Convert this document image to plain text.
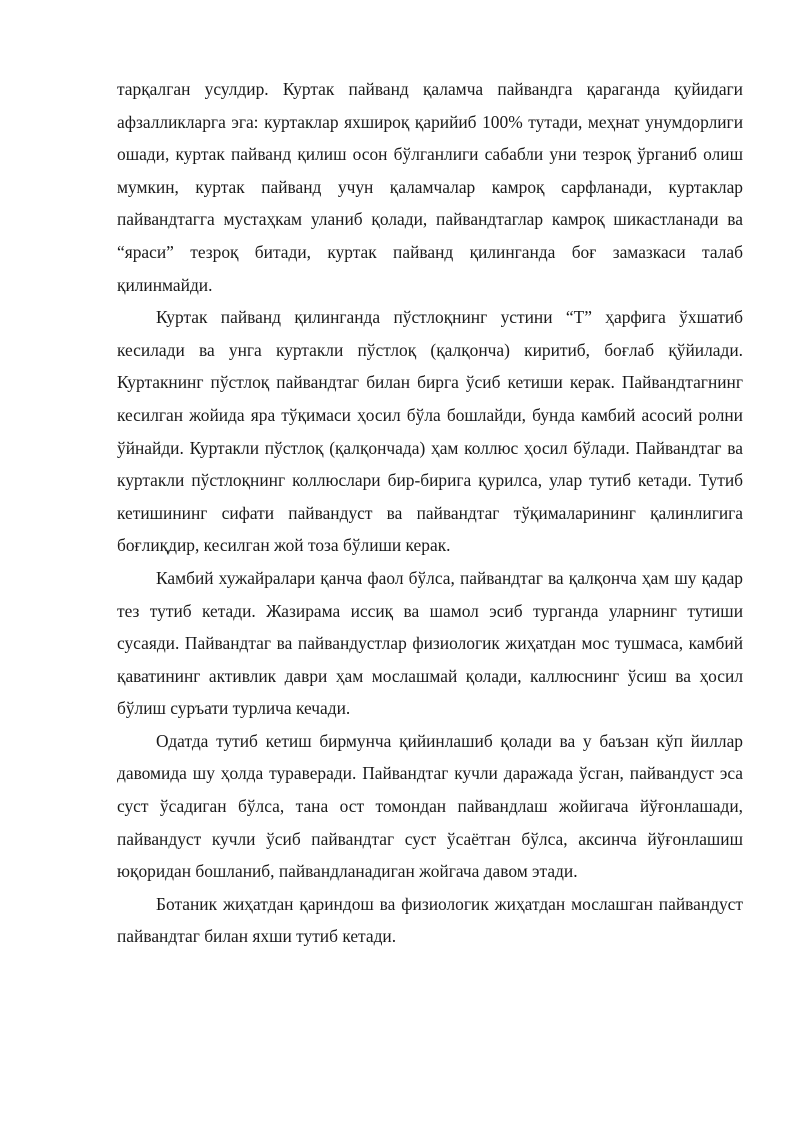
тарқалган усулдир. Куртак пайванд қаламча пайвандга қараганда қуйидаги афзалликларга эга: куртаклар яхшироқ қарийиб 100% тутади, меҳнат унумдорлиги ошади, куртак пайванд қилиш осон бўлганлиги сабабли уни тезроқ ўрганиб олиш мумкин, куртак пайванд учун қаламчалар камроқ сарфланади, куртаклар пайвандтагга мустаҳкам уланиб қолади, пайвандтаглар камроқ шикастланади ва “яраси” тезроқ битади, куртак пайванд қилинганда боғ замазкаси талаб қилинмайди.

Куртак пайванд қилинганда пўстлоқнинг устини “Т” ҳарфига ўхшатиб кесилади ва унга куртакли пўстлоқ (қалқонча) киритиб, боғлаб қўйилади. Куртакнинг пўстлоқ пайвандтаг билан бирга ўсиб кетиши керак. Пайвандтагнинг кесилган жойида яра тўқимаси ҳосил бўла бошлайди, бунда камбий асосий ролни ўйнайди. Куртакли пўстлоқ (қалқончада) ҳам коллюс ҳосил бўлади. Пайвандтаг ва куртакли пўстлоқнинг коллюслари бир-бирига қурилса, улар тутиб кетади. Тутиб кетишининг сифати пайвандуст ва пайвандтаг тўқималарининг қалинлигига боғлиқдир, кесилган жой тоза бўлиши керак.

Камбий хужайралари қанча фаол бўлса, пайвандтаг ва қалқонча ҳам шу қадар тез тутиб кетади. Жазирама иссиқ ва шамол эсиб турганда уларнинг тутиши сусаяди. Пайвандтаг ва пайвандустлар физиологик жиҳатдан мос тушмаса, камбий қаватининг активлик даври ҳам мослашмай қолади, каллюснинг ўсиш ва ҳосил бўлиш суръати турлича кечади.

Одатда тутиб кетиш бирмунча қийинлашиб қолади ва у баъзан кўп йиллар давомида шу ҳолда тураверади. Пайвандтаг кучли даражада ўсган, пайвандуст эса суст ўсадиган бўлса, тана ост томондан пайвандлаш жойигача йўғонлашади, пайвандуст кучли ўсиб пайвандтаг суст ўсаётган бўлса, аксинча йўғонлашиш юқоридан бошланиб, пайвандланадиган жойгача давом этади.

Ботаник жиҳатдан қариндош ва физиологик жиҳатдан мослашган пайвандуст пайвандтаг билан яхши тутиб кетади.
